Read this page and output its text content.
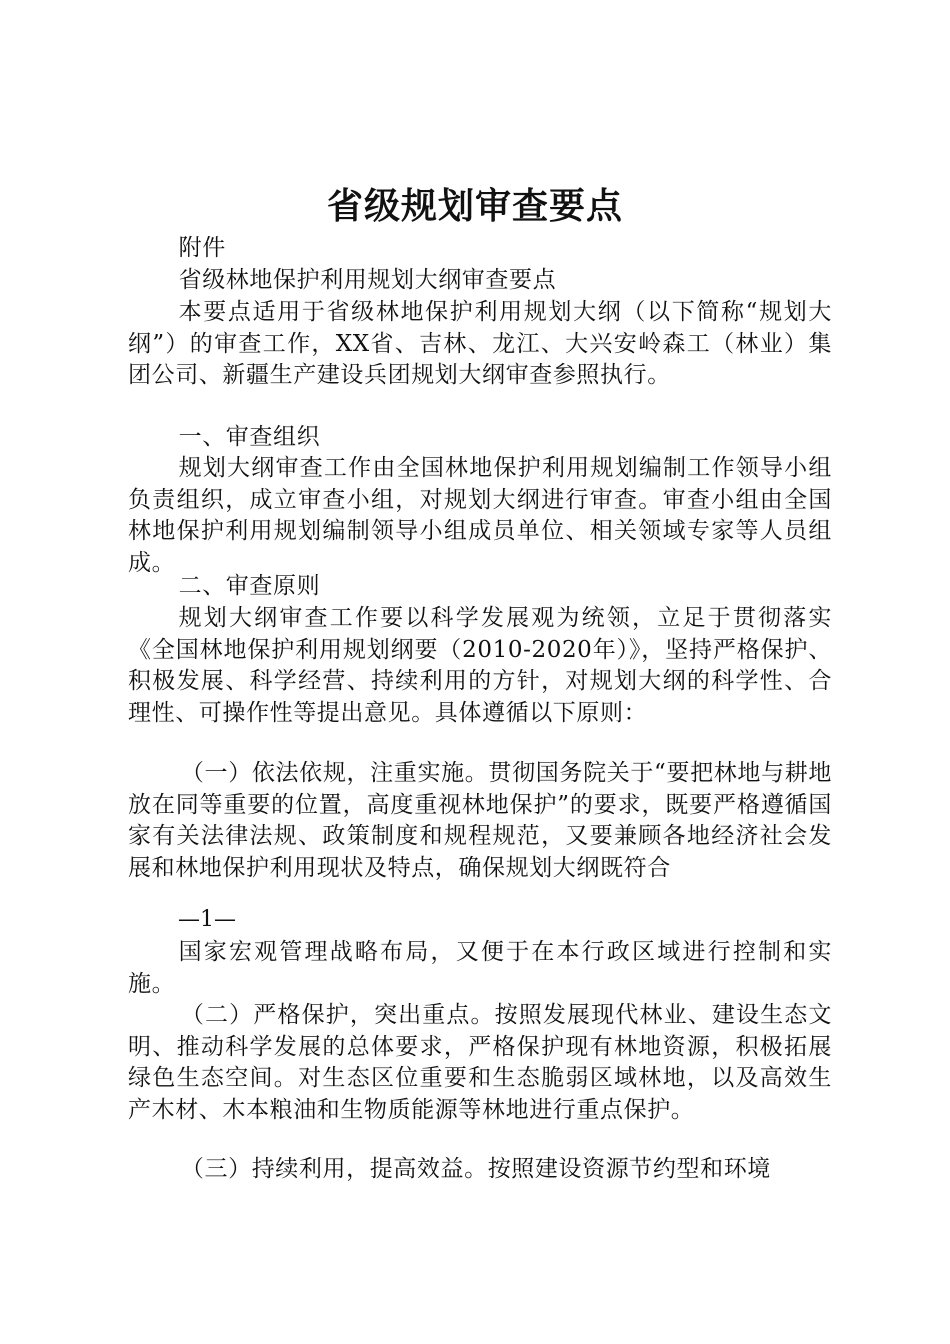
省级规划审查要点

附件

省级林地保护利用规划大纲审查要点

本要点适用于省级林地保护利用规划大纲（以下简称“规划大纲”）的审查工作，XX省、吉林、龙江、大兴安岭森工（林业）集团公司、新疆生产建设兵团规划大纲审查参照执行。

一、审查组织

规划大纲审查工作由全国林地保护利用规划编制工作领导小组负责组织，成立审查小组，对规划大纲进行审查。审查小组由全国林地保护利用规划编制领导小组成员单位、相关领域专家等人员组成。

二、审查原则

规划大纲审查工作要以科学发展观为统领，立足于贯彻落实《全国林地保护利用规划纲要（2010-2020年）》，坚持严格保护、积极发展、科学经营、持续利用的方针，对规划大纲的科学性、合理性、可操作性等提出意见。具体遵循以下原则：

（一）依法依规，注重实施。贯彻国务院关于“要把林地与耕地放在同等重要的位置，高度重视林地保护”的要求，既要严格遵循国家有关法律法规、政策制度和规程规范，又要兼顾各地经济社会发展和林地保护利用现状及特点，确保规划大纲既符合

—1—

国家宏观管理战略布局，又便于在本行政区域进行控制和实施。

（二）严格保护，突出重点。按照发展现代林业、建设生态文明、推动科学发展的总体要求，严格保护现有林地资源，积极拓展绿色生态空间。对生态区位重要和生态脆弱区域林地，以及高效生产木材、木本粮油和生物质能源等林地进行重点保护。

（三）持续利用，提高效益。按照建设资源节约型和环境
